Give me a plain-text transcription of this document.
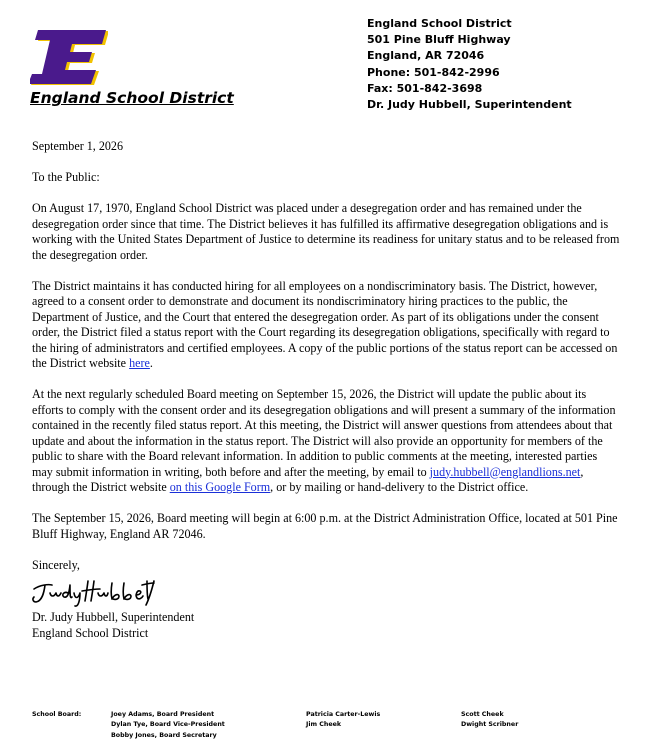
England School District
England School District
501 Pine Bluff Highway
England, AR 72046
Phone: 501-842-2996
Fax: 501-842-3698
Dr. Judy Hubbell, Superintendent

September 1, 2026

To the Public:

On August 17, 1970, England School District was placed under a desegregation order and has remained under the desegregation order since that time. The District believes it has fulfilled its affirmative desegregation obligations and is working with the United States Department of Justice to determine its readiness for unitary status and to be released from the desegregation order.

The District maintains it has conducted hiring for all employees on a nondiscriminatory basis. The District, however, agreed to a consent order to demonstrate and document its nondiscriminatory hiring practices to the public, the Department of Justice, and the Court that entered the desegregation order. As part of its obligations under the consent order, the District filed a status report with the Court regarding its desegregation obligations, specifically with regard to the hiring of administrators and certified employees. A copy of the public portions of the status report can be accessed on the District website here.

At the next regularly scheduled Board meeting on September 15, 2026, the District will update the public about its efforts to comply with the consent order and its desegregation obligations and will present a summary of the information contained in the recently filed status report. At this meeting, the District will answer questions from attendees about that update and about the information in the status report. The District will also provide an opportunity for members of the public to share with the Board relevant information. In addition to public comments at the meeting, interested parties may submit information in writing, both before and after the meeting, by email to judy.hubbell@englandlions.net, through the District website on this Google Form, or by mailing or hand-delivery to the District office.

The September 15, 2026, Board meeting will begin at 6:00 p.m. at the District Administration Office, located at 501 Pine Bluff Highway, England AR 72046.

Sincerely,

Dr. Judy Hubbell, Superintendent

England School District

School Board:	Joey Adams, Board President
Dylan Tye, Board Vice-President
Bobby Jones, Board Secretary
Patricia Carter-Lewis
Jim Cheek
Scott Cheek
Dwight Scribner
